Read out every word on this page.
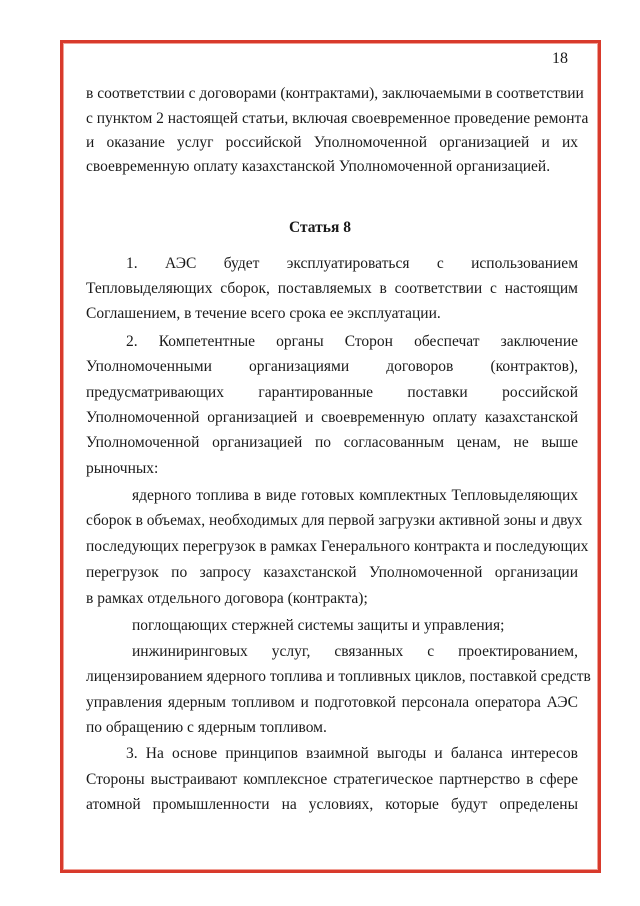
18
в соответствии с договорами (контрактами), заключаемыми в соответствии
с пунктом 2 настоящей статьи, включая своевременное проведение ремонта
и оказание услуг российской Уполномоченной организацией и их
своевременную оплату казахстанской Уполномоченной организацией.
Статья 8
1. АЭС будет эксплуатироваться с использованием
Тепловыделяющих сборок, поставляемых в соответствии с настоящим
Соглашением, в течение всего срока ее эксплуатации.
2. Компетентные органы Сторон обеспечат заключение
Уполномоченными организациями договоров (контрактов),
предусматривающих гарантированные поставки российской
Уполномоченной организацией и своевременную оплату казахстанской
Уполномоченной организацией по согласованным ценам, не выше
рыночных:
ядерного топлива в виде готовых комплектных Тепловыделяющих
сборок в объемах, необходимых для первой загрузки активной зоны и двух
последующих перегрузок в рамках Генерального контракта и последующих
перегрузок по запросу казахстанской Уполномоченной организации
в рамках отдельного договора (контракта);
поглощающих стержней системы защиты и управления;
инжиниринговых услуг, связанных с проектированием,
лицензированием ядерного топлива и топливных циклов, поставкой средств
управления ядерным топливом и подготовкой персонала оператора АЭС
по обращению с ядерным топливом.
3. На основе принципов взаимной выгоды и баланса интересов
Стороны выстраивают комплексное стратегическое партнерство в сфере
атомной промышленности на условиях, которые будут определены
